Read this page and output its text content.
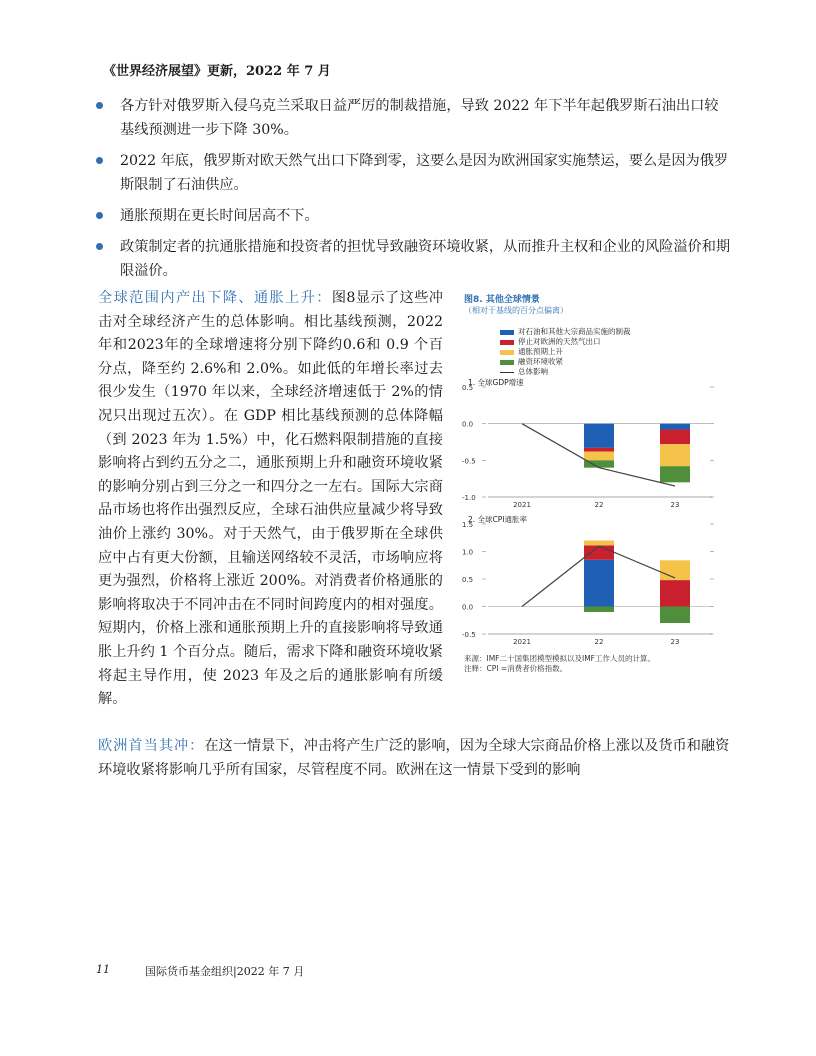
《世界经济展望》更新，2022 年 7 月
各方针对俄罗斯入侵乌克兰采取日益严厉的制裁措施，导致 2022 年下半年起俄罗斯石油出口较基线预测进一步下降 30%。
2022 年底，俄罗斯对欧天然气出口下降到零，这要么是因为欧洲国家实施禁运，要么是因为俄罗斯限制了石油供应。
通胀预期在更长时间居高不下。
政策制定者的抗通胀措施和投资者的担忧导致融资环境收紧，从而推升主权和企业的风险溢价和期限溢价。
全球范围内产出下降、通胀上升：图8显示了这些冲击对全球经济产生的总体影响。相比基线预测，2022年和2023年的全球增速将分别下降约0.6和 0.9 个百分点，降至约 2.6%和 2.0%。如此低的年增长率过去很少发生（1970 年以来，全球经济增速低于 2%的情况只出现过五次）。在 GDP 相比基线预测的总体降幅（到 2023 年为 1.5%）中，化石燃料限制措施的直接影响将占到约五分之二，通胀预期上升和融资环境收紧的影响分别占到三分之一和四分之一左右。国际大宗商品市场也将作出强烈反应，全球石油供应量减少将导致油价上涨约 30%。对于天然气，由于俄罗斯在全球供应中占有更大份额，且输送网络较不灵活，市场响应将更为强烈，价格将上涨近 200%。对消费者价格通胀的影响将取决于不同冲击在不同时间跨度内的相对强度。短期内，价格上涨和通胀预期上升的直接影响将导致通胀上升约 1 个百分点。随后，需求下降和融资环境收紧将起主导作用，使 2023 年及之后的通胀影响有所缓解。
图8. 其他全球情景
（相对于基线的百分点偏离）
对石油和其他大宗商品实施的制裁
停止对欧洲的天然气出口
通胀预期上升
融资环境收紧
总体影响
1. 全球GDP增速
0.5
0.0
-0.5
-1.0
2021	22	23
2. 全球CPI通胀率
1.5
1.0
0.5
0.0
-0.5
2021	22	23
来源：IMF二十国集团模型模拟以及IMF工作人员的计算。
注释：CPI =消费者价格指数。
欧洲首当其冲：在这一情景下，冲击将产生广泛的影响，因为全球大宗商品价格上涨以及货币和融资环境收紧将影响几乎所有国家，尽管程度不同。欧洲在这一情景下受到的影响
11	国际货币基金组织|2022 年 7 月
